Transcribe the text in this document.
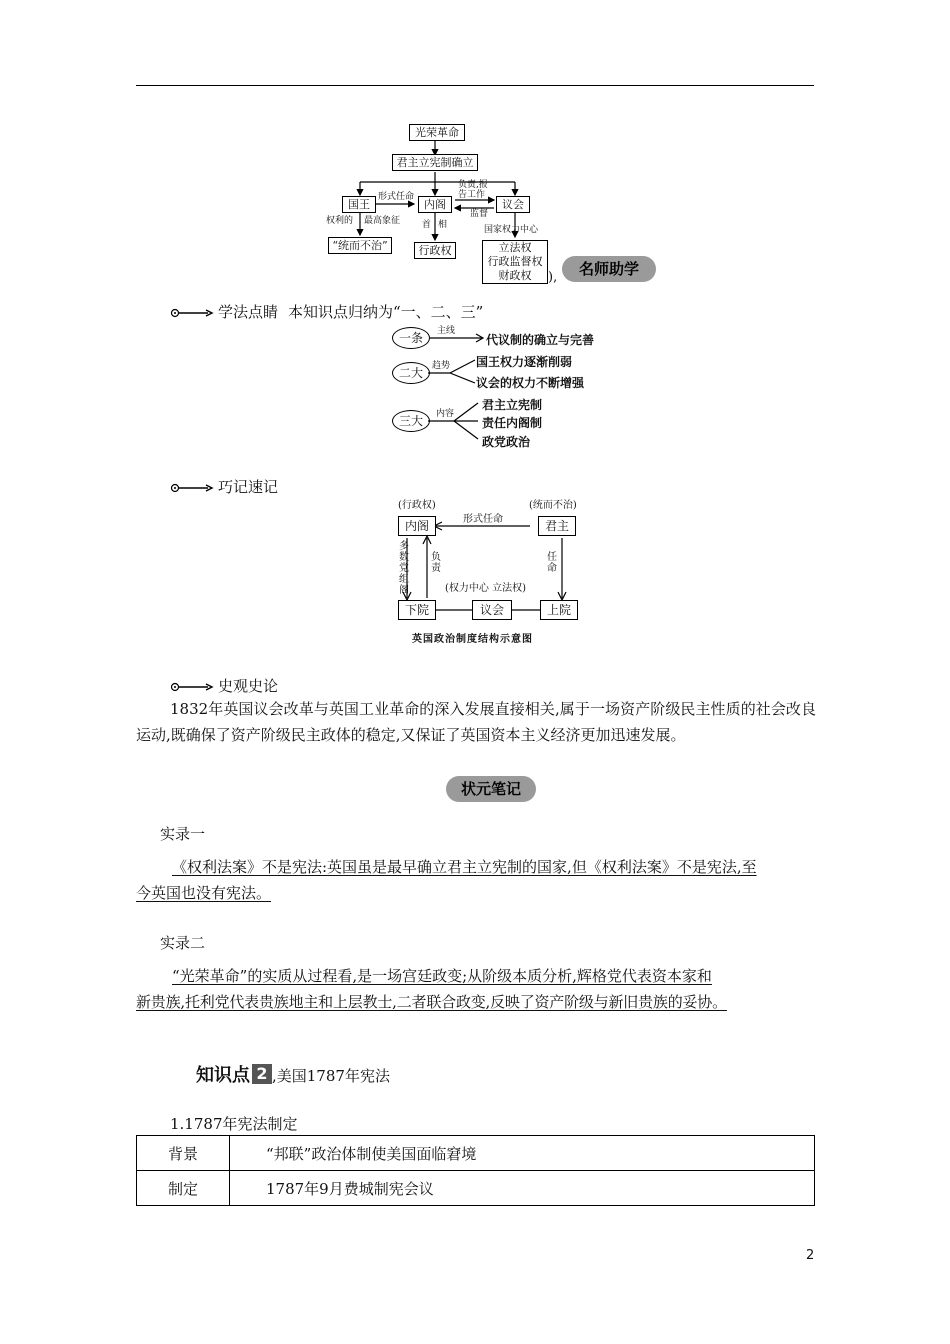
光荣革命
君主立宪制确立
国王	内阁	议会
形式任命
负责,报
告工作
监督
权利的 最高象征 首 相	国家权力中心
“统而不治”	行政权	立法权
行政监督权
财政权	),	名师助学
学法点睛 本知识点归纳为“一、二、三”
一条
二大
三大
主线
趋势
内容
代议制的确立与完善
国王权力逐渐削弱
议会的权力不断增强
君主立宪制
责任内阁制
政党政治
巧记速记
(行政权)	(统而不治)
内阁	君主
形式任命
多数党组阁
负责
任命
(权力中心 立法权)
下院	议会	上院
英国政治制度结构示意图
史观史论
1832年英国议会改革与英国工业革命的深入发展直接相关,属于一场资产阶级民主性质的社会改良运动,既确保了资产阶级民主政体的稳定,又保证了英国资本主义经济更加迅速发展。
状元笔记
实录一
《权利法案》不是宪法:英国虽是最早确立君主立宪制的国家,但《权利法案》不是宪法,至
今英国也没有宪法。
实录二
“光荣革命”的实质从过程看,是一场宫廷政变;从阶级本质分析,辉格党代表资本家和
新贵族,托利党代表贵族地主和上层教士,二者联合政变,反映了资产阶级与新旧贵族的妥协。
知识点 2 ,美国1787年宪法
1.1787年宪法制定
背景	“邦联”政治体制使美国面临窘境
制定	1787年9月费城制宪会议
2
